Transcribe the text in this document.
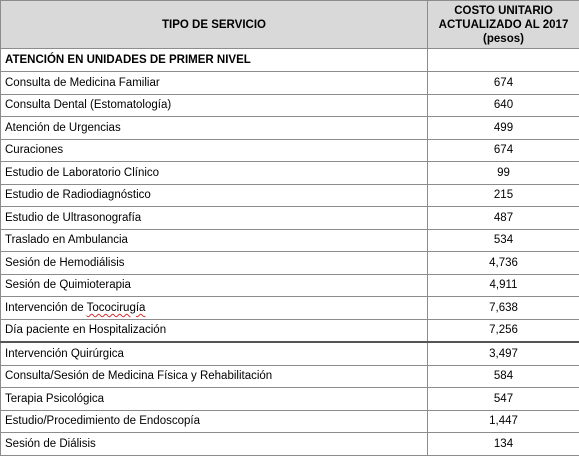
TIPO DE SERVICIO	COSTO UNITARIO
ACTUALIZADO AL 2017
(pesos)

ATENCIÓN EN UNIDADES DE PRIMER NIVEL	
Consulta de Medicina Familiar	674
Consulta Dental (Estomatología)	640
Atención de Urgencias	499
Curaciones	674
Estudio de Laboratorio Clínico	99
Estudio de Radiodiagnóstico	215
Estudio de Ultrasonografía	487
Traslado en Ambulancia	534
Sesión de Hemodiálisis	4,736
Sesión de Quimioterapia	4,911
Intervención de Tococirugía	7,638
Día paciente en Hospitalización	7,256
Intervención Quirúrgica	3,497
Consulta/Sesión de Medicina Física y Rehabilitación	584
Terapia Psicológica	547
Estudio/Procedimiento de Endoscopía	1,447
Sesión de Diálisis	134
